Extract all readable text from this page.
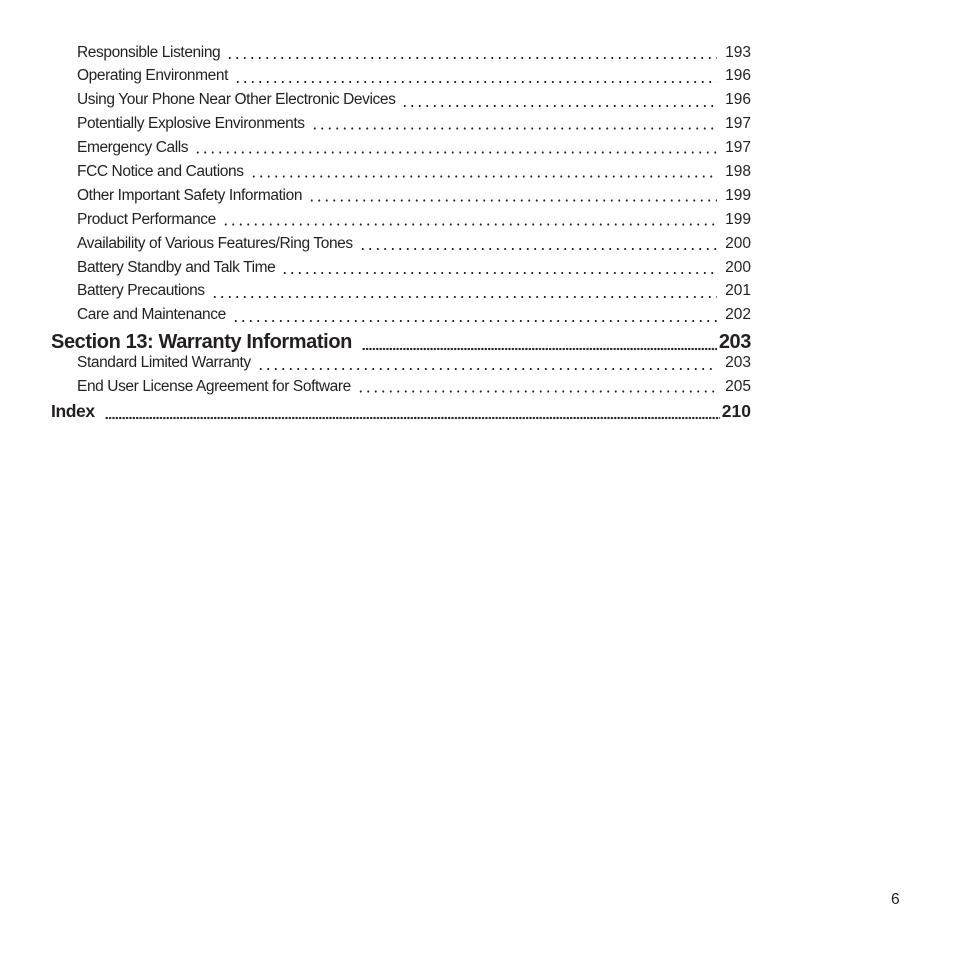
Responsible Listening	193
Operating Environment	196
Using Your Phone Near Other Electronic Devices	196
Potentially Explosive Environments	197
Emergency Calls	197
FCC Notice and Cautions	198
Other Important Safety Information	199
Product Performance	199
Availability of Various Features/Ring Tones	200
Battery Standby and Talk Time	200
Battery Precautions	201
Care and Maintenance	202
Section 13: Warranty Information	203
Standard Limited Warranty	203
End User License Agreement for Software	205
Index	210
6
